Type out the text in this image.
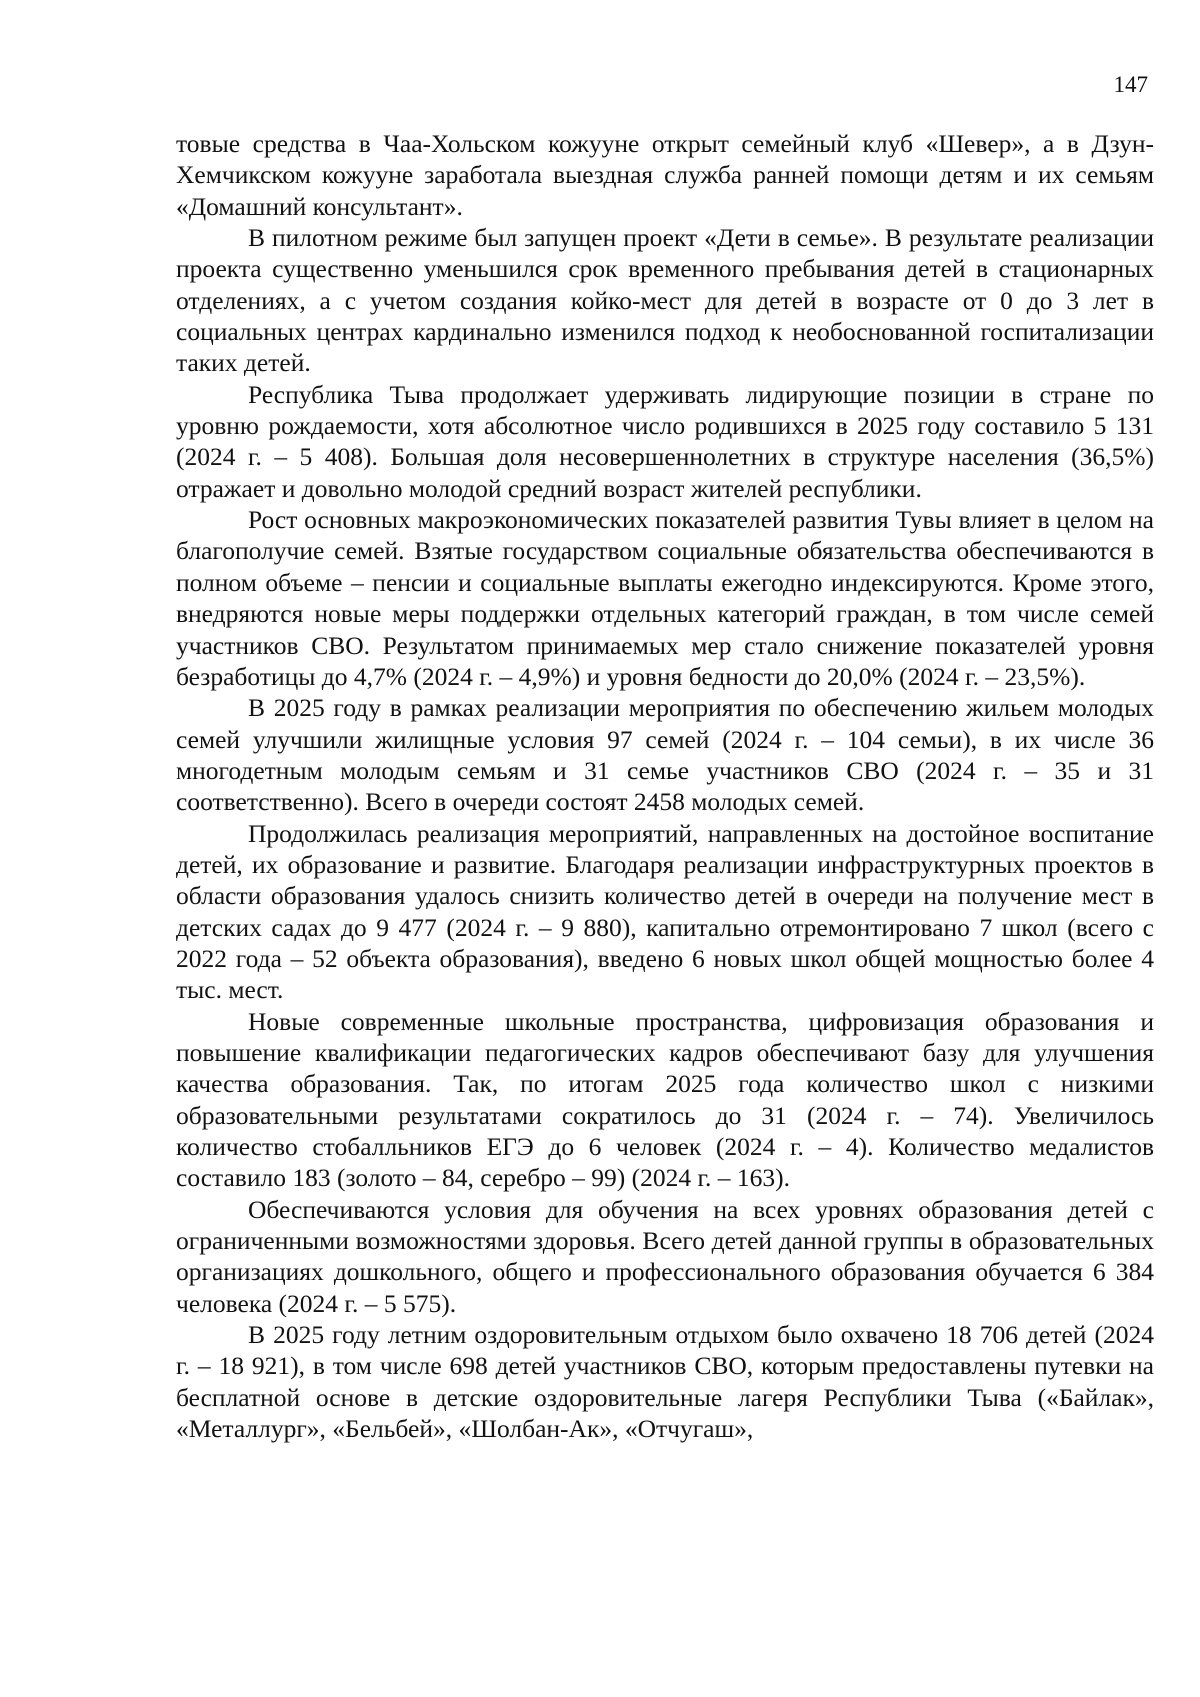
147

товые средства в Чаа-Хольском кожууне открыт семейный клуб «Шевер», а в Дзун-Хемчикском кожууне заработала выездная служба ранней помощи детям и их семьям «Домашний консультант».

В пилотном режиме был запущен проект «Дети в семье». В результате реализации проекта существенно уменьшился срок временного пребывания детей в стационарных отделениях, а с учетом создания койко-мест для детей в возрасте от 0 до 3 лет в социальных центрах кардинально изменился подход к необоснованной госпитализации таких детей.

Республика Тыва продолжает удерживать лидирующие позиции в стране по уровню рождаемости, хотя абсолютное число родившихся в 2025 году составило 5 131 (2024 г. – 5 408). Большая доля несовершеннолетних в структуре населения (36,5%) отражает и довольно молодой средний возраст жителей республики.

Рост основных макроэкономических показателей развития Тувы влияет в целом на благополучие семей. Взятые государством социальные обязательства обеспечиваются в полном объеме – пенсии и социальные выплаты ежегодно индексируются. Кроме этого, внедряются новые меры поддержки отдельных категорий граждан, в том числе семей участников СВО. Результатом принимаемых мер стало снижение показателей уровня безработицы до 4,7% (2024 г. – 4,9%) и уровня бедности до 20,0% (2024 г. – 23,5%).

В 2025 году в рамках реализации мероприятия по обеспечению жильем молодых семей улучшили жилищные условия 97 семей (2024 г. – 104 семьи), в их числе 36 многодетным молодым семьям и 31 семье участников СВО (2024 г. – 35 и 31 соответственно). Всего в очереди состоят 2458 молодых семей.

Продолжилась реализация мероприятий, направленных на достойное воспитание детей, их образование и развитие. Благодаря реализации инфраструктурных проектов в области образования удалось снизить количество детей в очереди на получение мест в детских садах до 9 477 (2024 г. – 9 880), капитально отремонтировано 7 школ (всего с 2022 года – 52 объекта образования), введено 6 новых школ общей мощностью более 4 тыс. мест.

Новые современные школьные пространства, цифровизация образования и повышение квалификации педагогических кадров обеспечивают базу для улучшения качества образования. Так, по итогам 2025 года количество школ с низкими образовательными результатами сократилось до 31 (2024 г. – 74). Увеличилось количество стобалльников ЕГЭ до 6 человек (2024 г. – 4). Количество медалистов составило 183 (золото – 84, серебро – 99) (2024 г. – 163).

Обеспечиваются условия для обучения на всех уровнях образования детей с ограниченными возможностями здоровья. Всего детей данной группы в образовательных организациях дошкольного, общего и профессионального образования обучается 6 384 человека (2024 г. – 5 575).

В 2025 году летним оздоровительным отдыхом было охвачено 18 706 детей (2024 г. – 18 921), в том числе 698 детей участников СВО, которым предоставлены путевки на бесплатной основе в детские оздоровительные лагеря Республики Тыва («Байлак», «Металлург», «Бельбей», «Шолбан-Ак», «Отчугаш»,
